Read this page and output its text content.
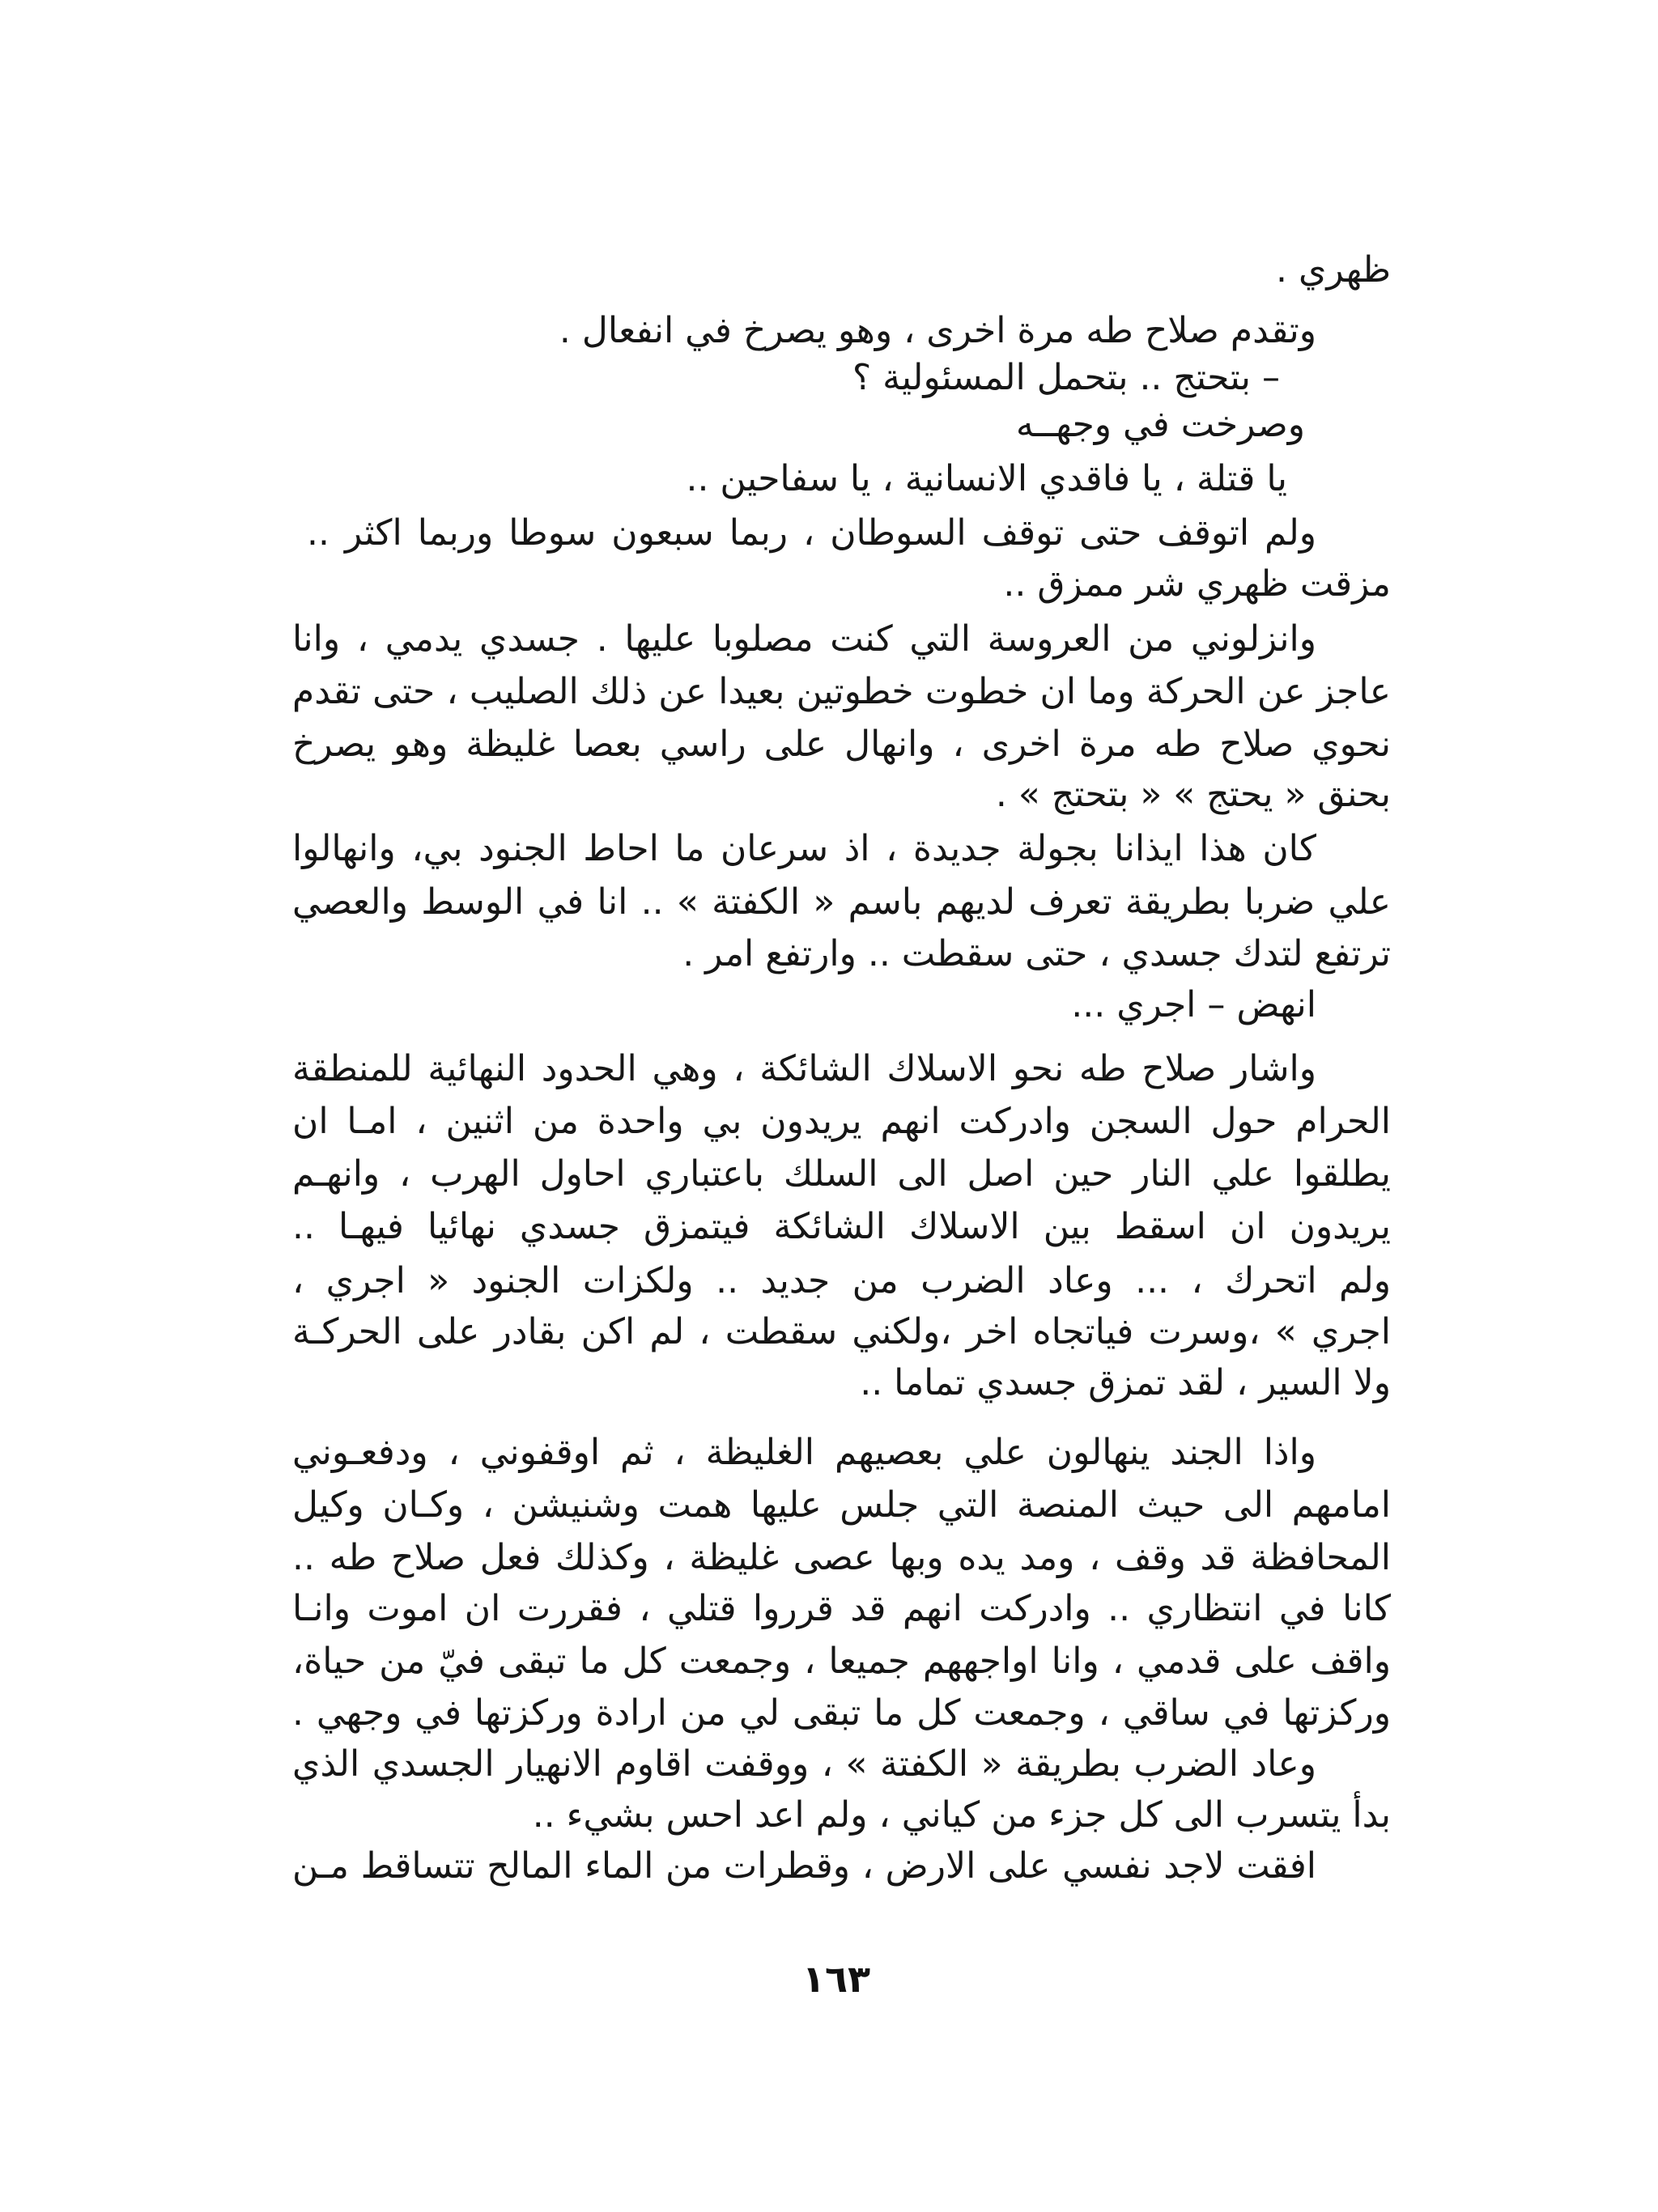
ظهري .
وتقدم صلاح طه مرة اخرى ، وهو يصرخ في انفعال .
– بتحتج .. بتحمل المسئولية ؟
وصرخت في وجهــه
يا قتلة ، يا فاقدي الانسانية ، يا سفاحين ..
ولم اتوقف حتى توقف السوطان ، ربما سبعون سوطا وربما اكثر ..
مزقت ظهري شر ممزق ..
وانزلوني من العروسة التي كنت مصلوبا عليها . جسدي يدمي ، وانا
عاجز عن الحركة وما ان خطوت خطوتين بعيدا عن ذلك الصليب ، حتى تقدم
نحوي صلاح طه مرة اخرى ، وانهال على راسي بعصا غليظة وهو يصرخ
بحنق « يحتج » « بتحتج » .
كان هذا ايذانا بجولة جديدة ، اذ سرعان ما احاط الجنود بي، وانهالوا
علي ضربا بطريقة تعرف لديهم باسم « الكفتة » .. انا في الوسط والعصي
ترتفع لتدك جسدي ، حتى سقطت .. وارتفع امر .
انهض – اجري ...
واشار صلاح طه نحو الاسلاك الشائكة ، وهي الحدود النهائية للمنطقة
الحرام حول السجن وادركت انهم يريدون بي واحدة من اثنين ، امـا ان
يطلقوا علي النار حين اصل الى السلك باعتباري احاول الهرب ، وانهـم
يريدون ان اسقط بين الاسلاك الشائكة فيتمزق جسدي نهائيا فيهـا ..
ولم اتحرك ، ... وعاد الضرب من جديد .. ولكزات الجنود « اجري ،
اجري » ،وسرت فياتجاه اخر ،ولكني سقطت ، لم اكن بقادر على الحركـة
ولا السير ، لقد تمزق جسدي تماما ..
واذا الجند ينهالون علي بعصيهم الغليظة ، ثم اوقفوني ، ودفعـوني
امامهم الى حيث المنصة التي جلس عليها همت وشنيشن ، وكـان وكيل
المحافظة قد وقف ، ومد يده وبها عصى غليظة ، وكذلك فعل صلاح طه ..
كانا في انتظاري .. وادركت انهم قد قرروا قتلي ، فقررت ان اموت وانـا
واقف على قدمي ، وانا اواجههم جميعا ، وجمعت كل ما تبقى فيّ من حياة،
وركزتها في ساقي ، وجمعت كل ما تبقى لي من ارادة وركزتها في وجهي .
وعاد الضرب بطريقة « الكفتة » ، ووقفت اقاوم الانهيار الجسدي الذي
بدأ يتسرب الى كل جزء من كياني ، ولم اعد احس بشيء ..
افقت لاجد نفسي على الارض ، وقطرات من الماء المالح تتساقط مـن
١٦٣
